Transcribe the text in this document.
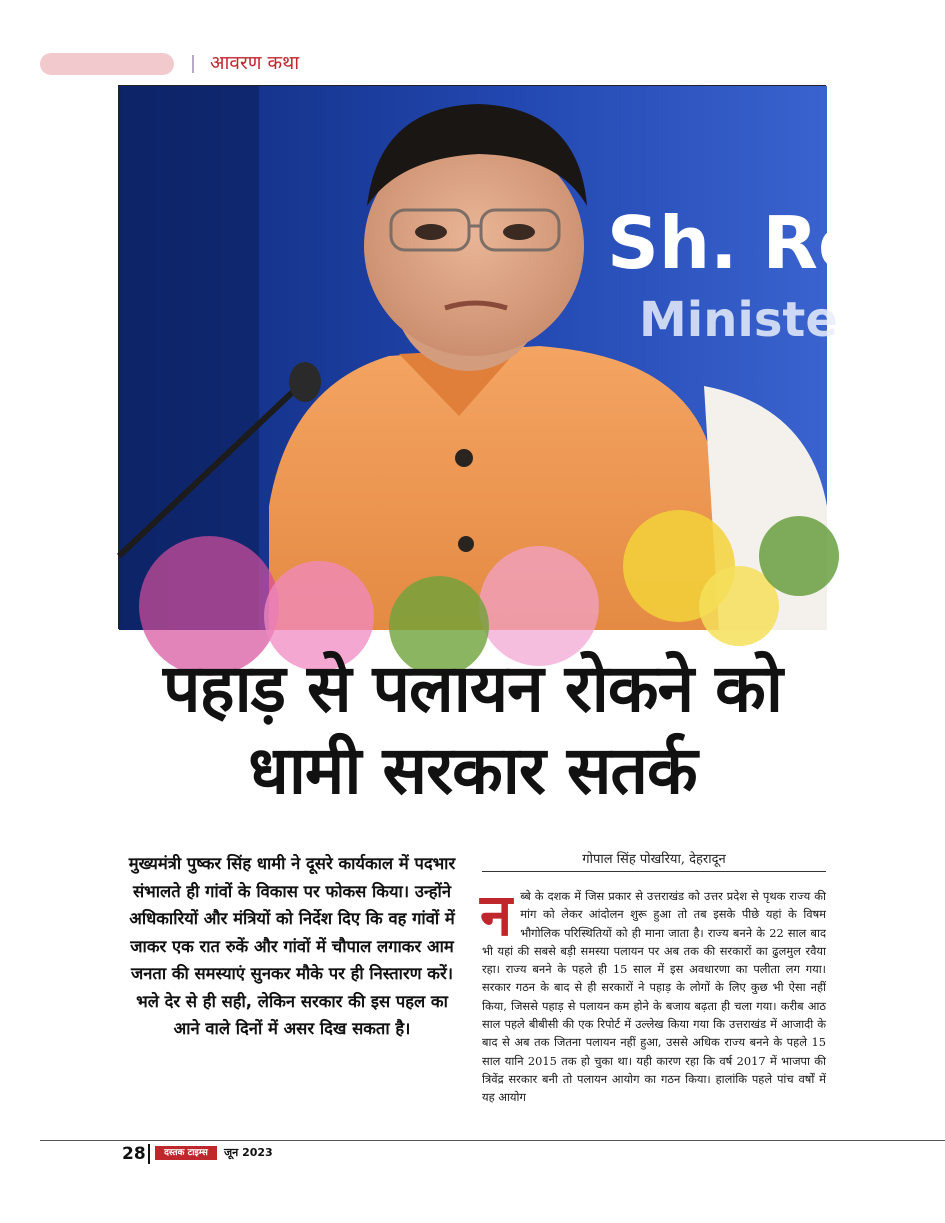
आवरण कथा
Sh. Ro
Ministe
पहाड़ से पलायन रोकने को
धामी सरकार सतर्क
मुख्यमंत्री पुष्कर सिंह धामी ने दूसरे कार्यकाल में पदभार संभालते ही गांवों के विकास पर फोकस किया। उन्होंने अधिकारियों और मंत्रियों को निर्देश दिए कि वह गांवों में जाकर एक रात रुकें और गांवों में चौपाल लगाकर आम जनता की समस्याएं सुनकर मौके पर ही निस्तारण करें। भले देर से ही सही, लेकिन सरकार की इस पहल का आने वाले दिनों में असर दिख सकता है।
गोपाल सिंह पोखरिया, देहरादून
न ब्बे के दशक में जिस प्रकार से उत्तराखंड को उत्तर प्रदेश से पृथक राज्य की मांग को लेकर आंदोलन शुरू हुआ तो तब इसके पीछे यहां के विषम भौगोलिक परिस्थितियों को ही माना जाता है। राज्य बनने के 22 साल बाद भी यहां की सबसे बड़ी समस्या पलायन पर अब तक की सरकारों का ढुलमुल रवैया रहा। राज्य बनने के पहले ही 15 साल में इस अवधारणा का पलीता लग गया। सरकार गठन के बाद से ही सरकारों ने पहाड़ के लोगों के लिए कुछ भी ऐसा नहीं किया, जिससे पहाड़ से पलायन कम होने के बजाय बढ़ता ही चला गया। करीब आठ साल पहले बीबीसी की एक रिपोर्ट में उल्लेख किया गया कि उत्तराखंड में आजादी के बाद से अब तक जितना पलायन नहीं हुआ, उससे अधिक राज्य बनने के पहले 15 साल यानि 2015 तक हो चुका था। यही कारण रहा कि वर्ष 2017 में भाजपा की त्रिवेंद्र सरकार बनी तो पलायन आयोग का गठन किया। हालांकि पहले पांच वर्षों में यह आयोग
28	दस्तक टाइम्स	जून 2023
